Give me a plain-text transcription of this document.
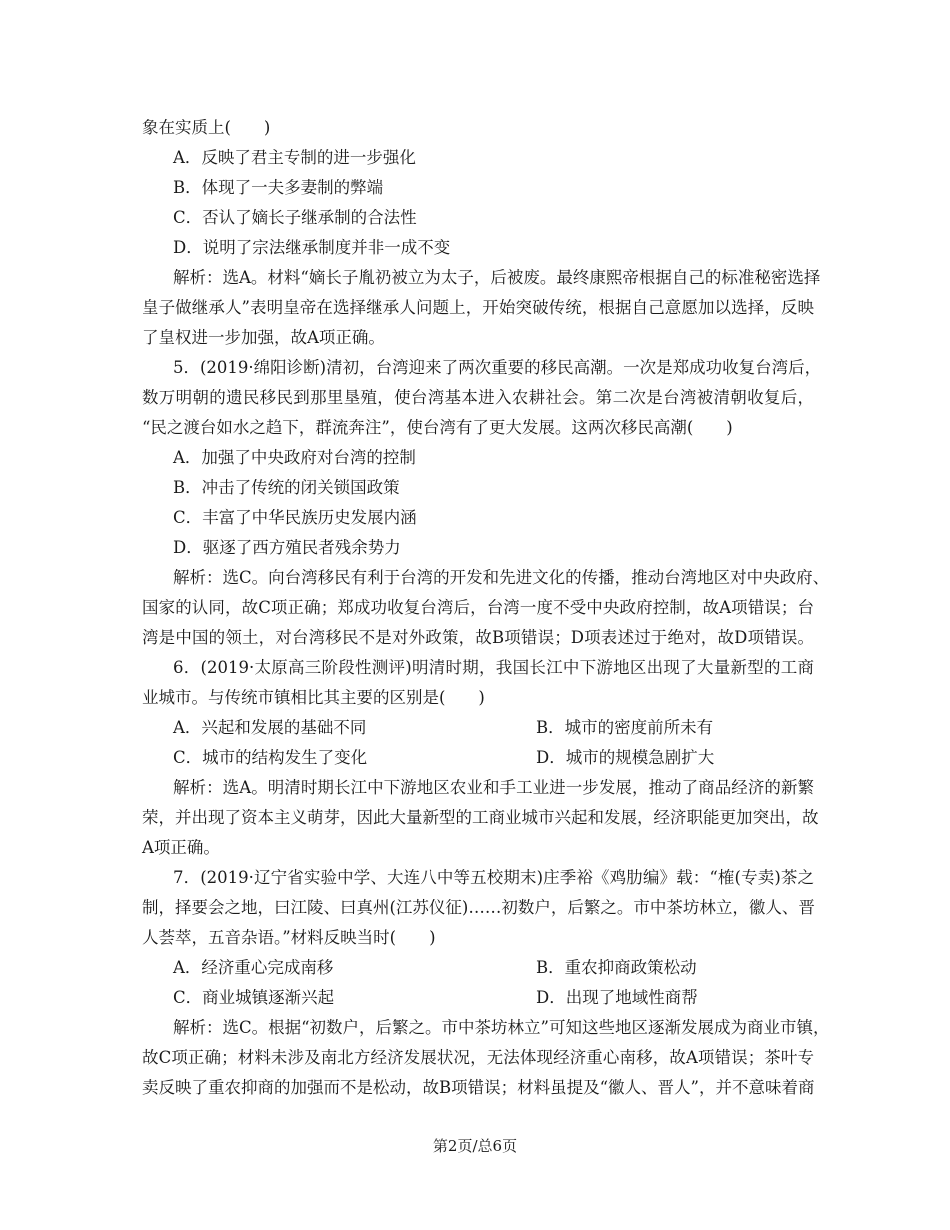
象在实质上(　　)
A．反映了君主专制的进一步强化
B．体现了一夫多妻制的弊端
C．否认了嫡长子继承制的合法性
D．说明了宗法继承制度并非一成不变
解析：选A。材料“嫡长子胤礽被立为太子，后被废。最终康熙帝根据自己的标准秘密选择
皇子做继承人”表明皇帝在选择继承人问题上，开始突破传统，根据自己意愿加以选择，反映
了皇权进一步加强，故A项正确。
5．(2019·绵阳诊断)清初，台湾迎来了两次重要的移民高潮。一次是郑成功收复台湾后，
数万明朝的遗民移民到那里垦殖，使台湾基本进入农耕社会。第二次是台湾被清朝收复后，
“民之渡台如水之趋下，群流奔注”，使台湾有了更大发展。这两次移民高潮(　　)
A．加强了中央政府对台湾的控制
B．冲击了传统的闭关锁国政策
C．丰富了中华民族历史发展内涵
D．驱逐了西方殖民者残余势力
解析：选C。向台湾移民有利于台湾的开发和先进文化的传播，推动台湾地区对中央政府、
国家的认同，故C项正确；郑成功收复台湾后，台湾一度不受中央政府控制，故A项错误；台
湾是中国的领土，对台湾移民不是对外政策，故B项错误；D项表述过于绝对，故D项错误。
6．(2019·太原高三阶段性测评)明清时期，我国长江中下游地区出现了大量新型的工商
业城市。与传统市镇相比其主要的区别是(　　)
A．兴起和发展的基础不同	B．城市的密度前所未有
C．城市的结构发生了变化	D．城市的规模急剧扩大
解析：选A。明清时期长江中下游地区农业和手工业进一步发展，推动了商品经济的新繁
荣，并出现了资本主义萌芽，因此大量新型的工商业城市兴起和发展，经济职能更加突出，故
A项正确。
7．(2019·辽宁省实验中学、大连八中等五校期末)庄季裕《鸡肋编》载：“榷(专卖)茶之
制，择要会之地，曰江陵、曰真州(江苏仪征)……初数户，后繁之。市中茶坊林立，徽人、晋
人荟萃，五音杂语。”材料反映当时(　　)
A．经济重心完成南移	B．重农抑商政策松动
C．商业城镇逐渐兴起	D．出现了地域性商帮
解析：选C。根据“初数户，后繁之。市中茶坊林立”可知这些地区逐渐发展成为商业市镇，
故C项正确；材料未涉及南北方经济发展状况，无法体现经济重心南移，故A项错误；茶叶专
卖反映了重农抑商的加强而不是松动，故B项错误；材料虽提及“徽人、晋人”，并不意味着商
第2页/总6页
